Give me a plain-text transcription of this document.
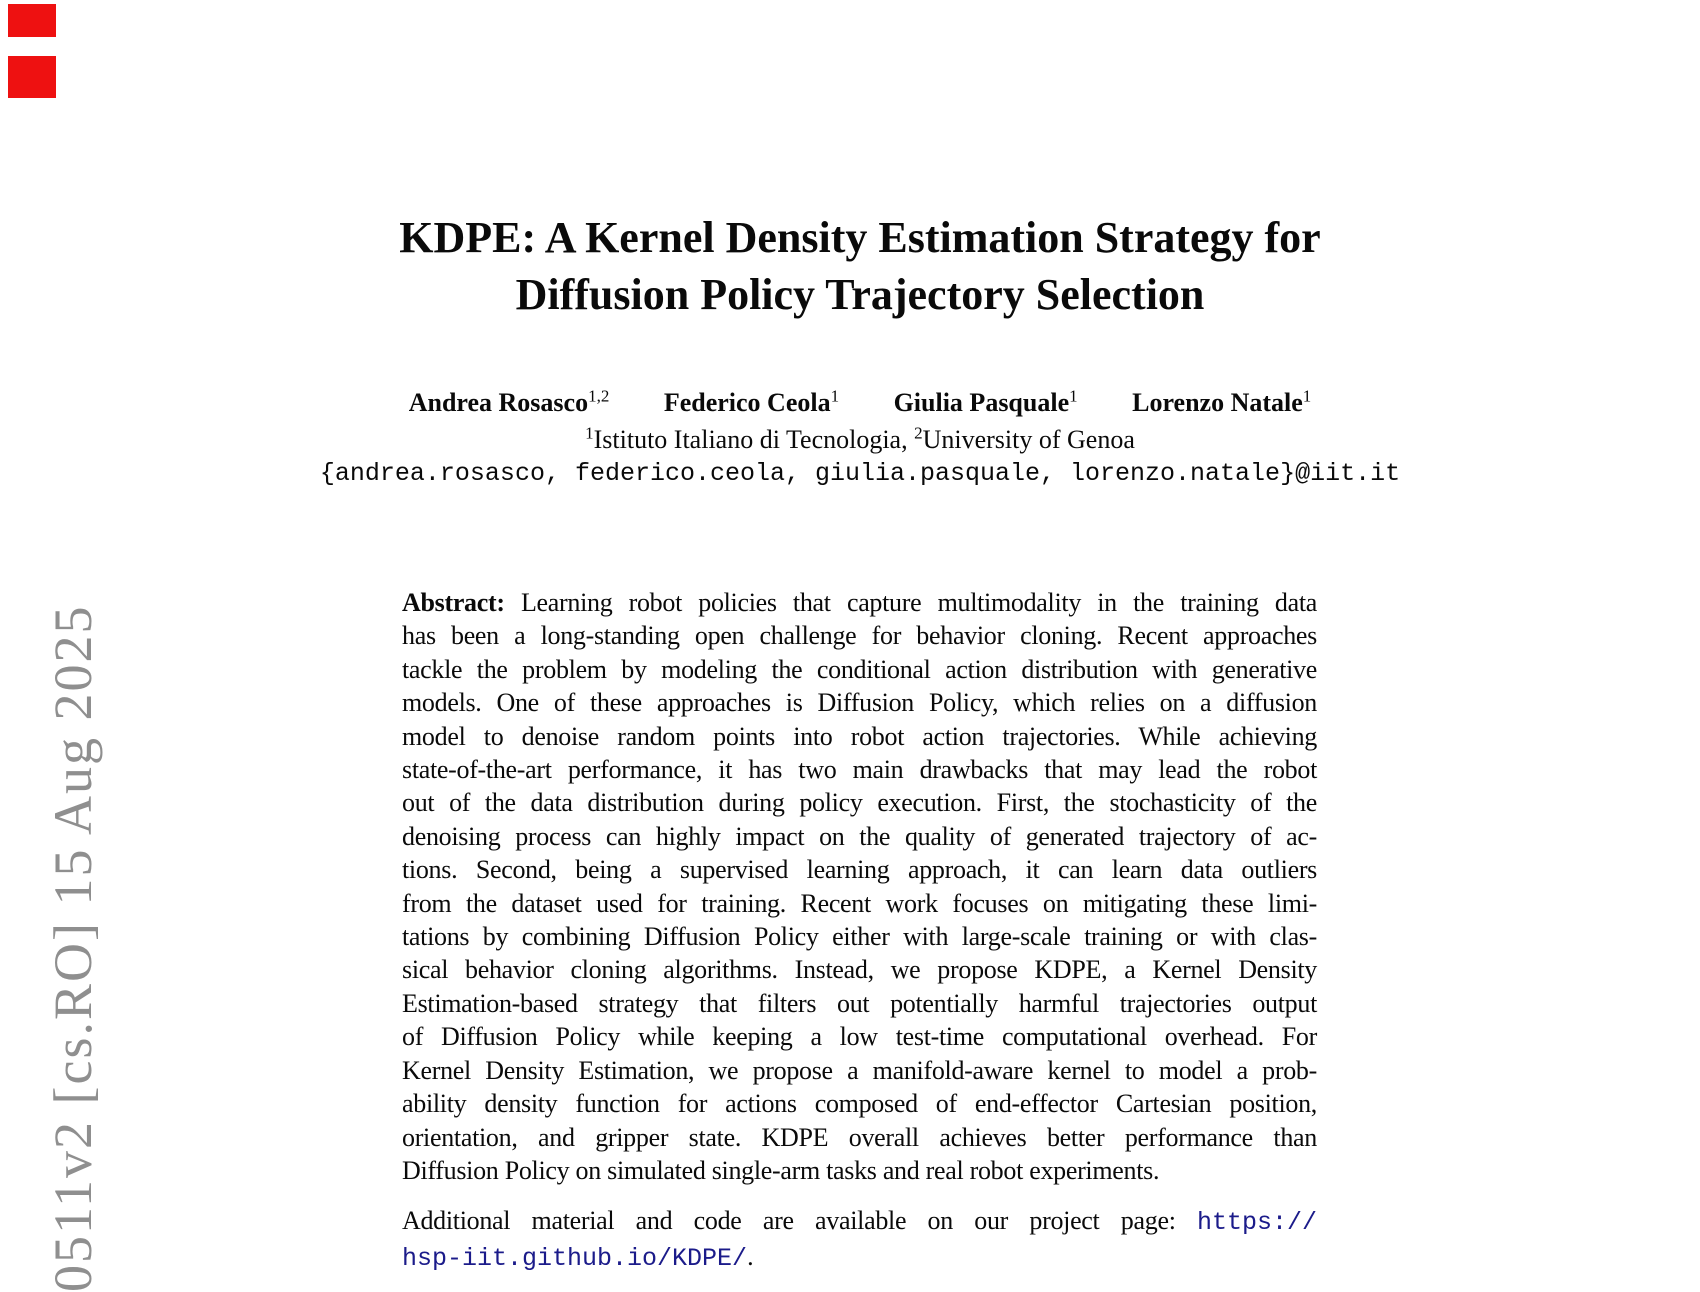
0511v2 [cs.RO] 15 Aug 2025
KDPE: A Kernel Density Estimation Strategy for
Diffusion Policy Trajectory Selection
Andrea Rosasco$^{1,2}$ Federico Ceola$^1$ Giulia Pasquale$^1$ Lorenzo Natale$^1$
$^1$Istituto Italiano di Tecnologia, $^2$University of Genoa
{andrea.rosasco, federico.ceola, giulia.pasquale, lorenzo.natale}@iit.it
Abstract: Learning robot policies that capture multimodality in the training data
has been a long-standing open challenge for behavior cloning. Recent approaches
tackle the problem by modeling the conditional action distribution with generative
models. One of these approaches is Diffusion Policy, which relies on a diffusion
model to denoise random points into robot action trajectories. While achieving
state-of-the-art performance, it has two main drawbacks that may lead the robot
out of the data distribution during policy execution. First, the stochasticity of the
denoising process can highly impact on the quality of generated trajectory of ac-
tions. Second, being a supervised learning approach, it can learn data outliers
from the dataset used for training. Recent work focuses on mitigating these limi-
tations by combining Diffusion Policy either with large-scale training or with clas-
sical behavior cloning algorithms. Instead, we propose KDPE, a Kernel Density
Estimation-based strategy that filters out potentially harmful trajectories output
of Diffusion Policy while keeping a low test-time computational overhead. For
Kernel Density Estimation, we propose a manifold-aware kernel to model a prob-
ability density function for actions composed of end-effector Cartesian position,
orientation, and gripper state. KDPE overall achieves better performance than
Diffusion Policy on simulated single-arm tasks and real robot experiments.
Additional material and code are available on our project page: https://
hsp-iit.github.io/KDPE/.
